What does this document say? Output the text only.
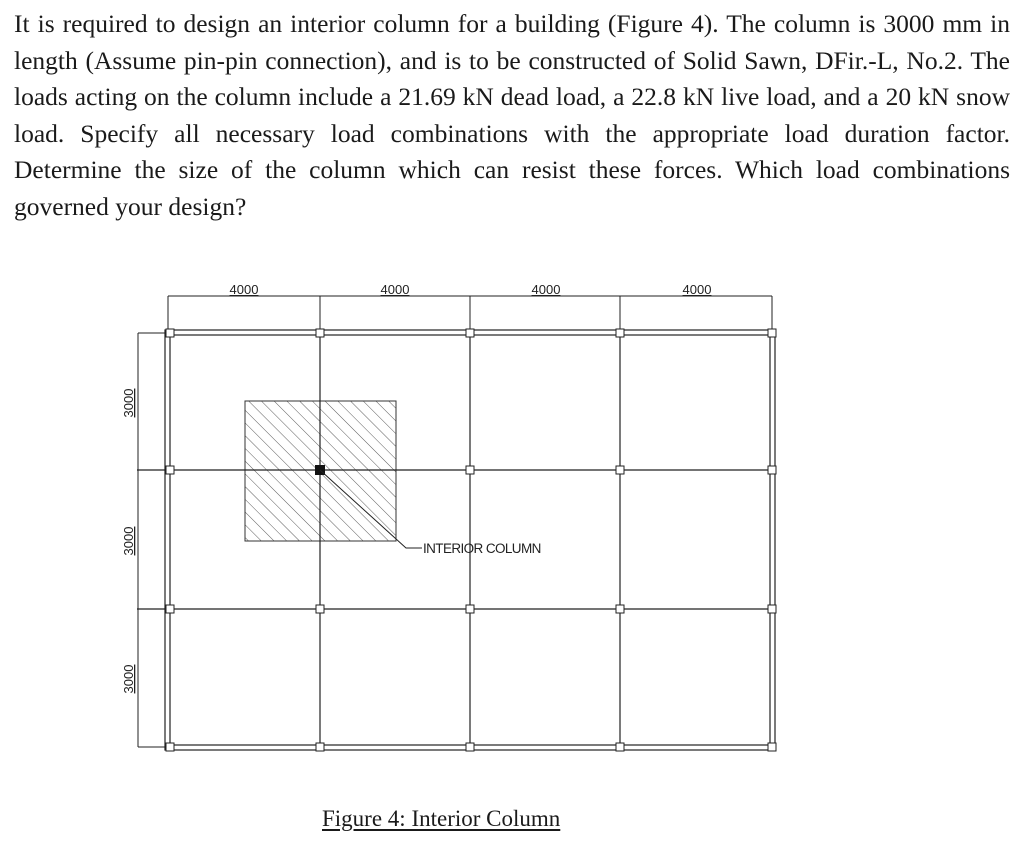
It is required to design an interior column for a building (Figure 4). The column is 3000 mm in length (Assume pin-pin connection), and is to be constructed of Solid Sawn, DFir.-L, No.2. The loads acting on the column include a 21.69 kN dead load, a 22.8 kN live load, and a 20 kN snow load. Specify all necessary load combinations with the appropriate load duration factor. Determine the size of the column which can resist these forces. Which load combinations governed your design?

4000	4000	4000	4000
3000
3000
3000
INTERIOR COLUMN

Figure 4: Interior Column
